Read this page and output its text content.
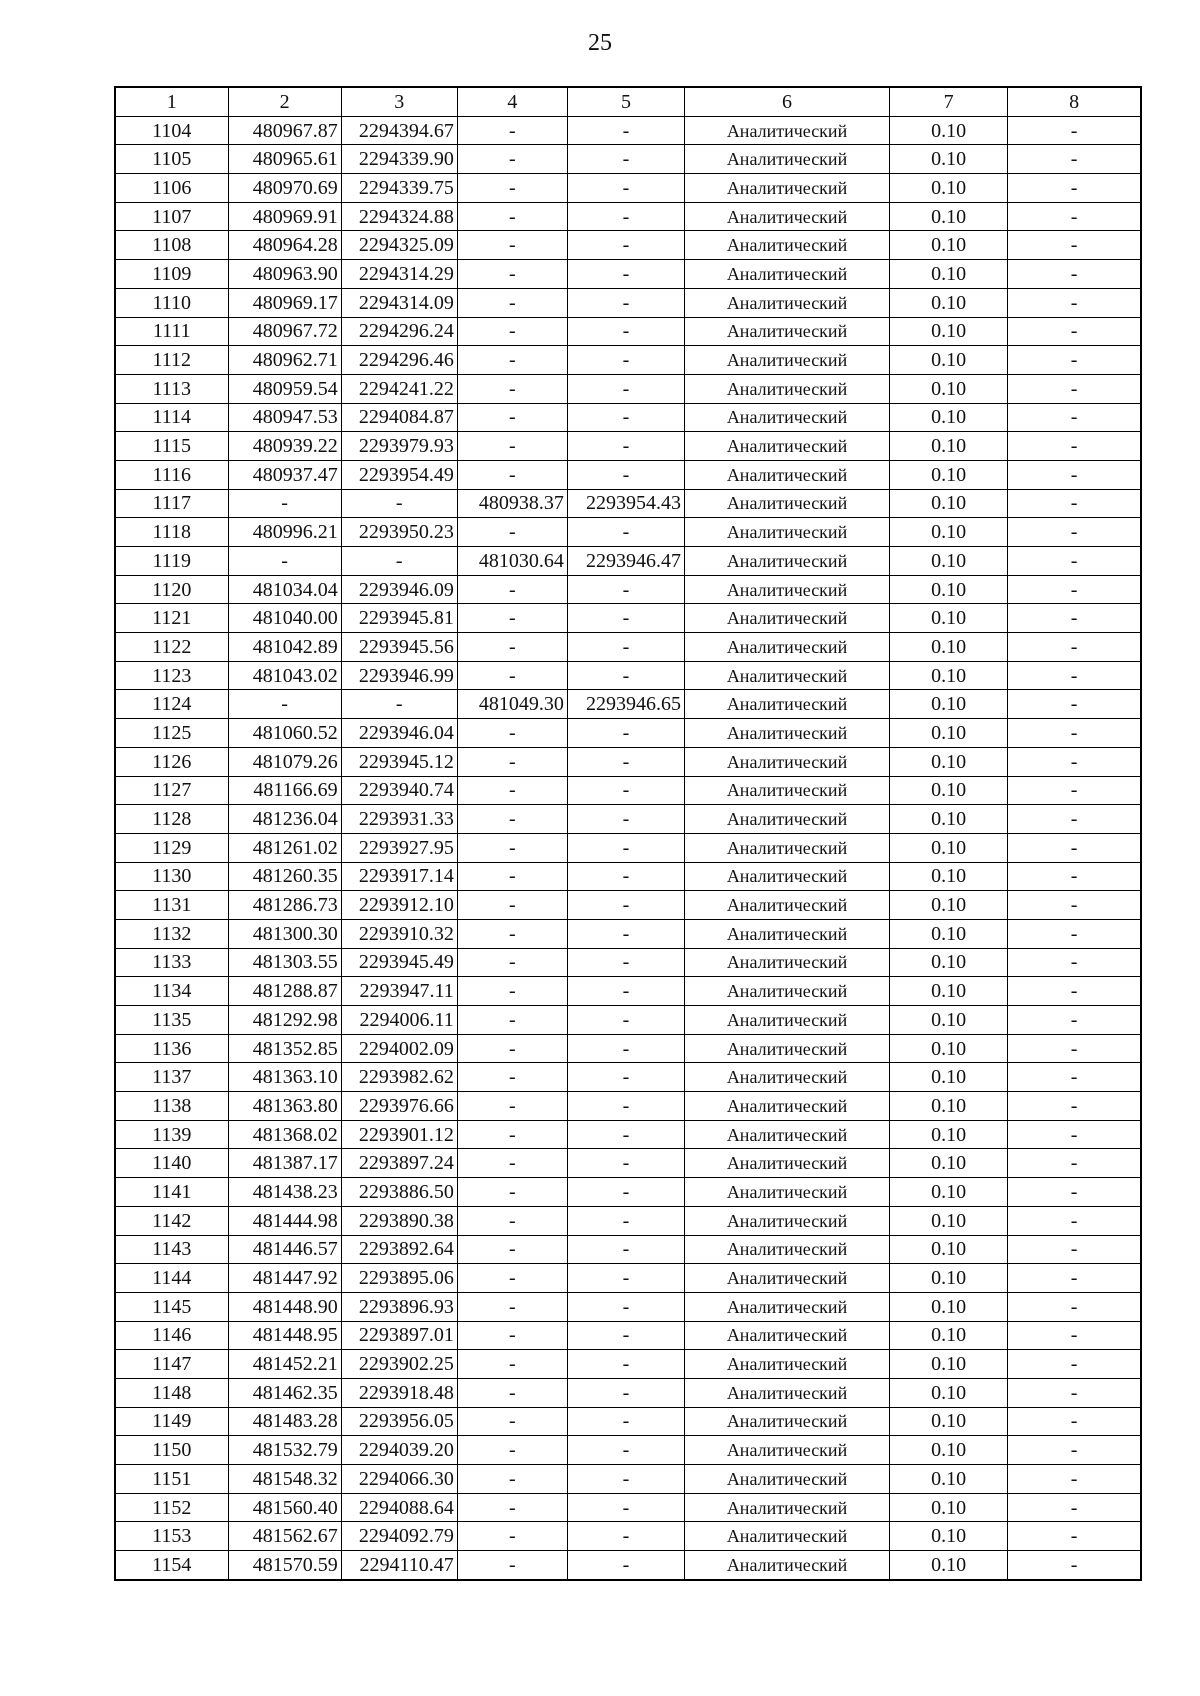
25
1	2	3	4	5	6	7	8
1104	480967.87	2294394.67	-	-	Аналитический	0.10	-
1105	480965.61	2294339.90	-	-	Аналитический	0.10	-
1106	480970.69	2294339.75	-	-	Аналитический	0.10	-
1107	480969.91	2294324.88	-	-	Аналитический	0.10	-
1108	480964.28	2294325.09	-	-	Аналитический	0.10	-
1109	480963.90	2294314.29	-	-	Аналитический	0.10	-
1110	480969.17	2294314.09	-	-	Аналитический	0.10	-
1111	480967.72	2294296.24	-	-	Аналитический	0.10	-
1112	480962.71	2294296.46	-	-	Аналитический	0.10	-
1113	480959.54	2294241.22	-	-	Аналитический	0.10	-
1114	480947.53	2294084.87	-	-	Аналитический	0.10	-
1115	480939.22	2293979.93	-	-	Аналитический	0.10	-
1116	480937.47	2293954.49	-	-	Аналитический	0.10	-
1117	-	-	480938.37	2293954.43	Аналитический	0.10	-
1118	480996.21	2293950.23	-	-	Аналитический	0.10	-
1119	-	-	481030.64	2293946.47	Аналитический	0.10	-
1120	481034.04	2293946.09	-	-	Аналитический	0.10	-
1121	481040.00	2293945.81	-	-	Аналитический	0.10	-
1122	481042.89	2293945.56	-	-	Аналитический	0.10	-
1123	481043.02	2293946.99	-	-	Аналитический	0.10	-
1124	-	-	481049.30	2293946.65	Аналитический	0.10	-
1125	481060.52	2293946.04	-	-	Аналитический	0.10	-
1126	481079.26	2293945.12	-	-	Аналитический	0.10	-
1127	481166.69	2293940.74	-	-	Аналитический	0.10	-
1128	481236.04	2293931.33	-	-	Аналитический	0.10	-
1129	481261.02	2293927.95	-	-	Аналитический	0.10	-
1130	481260.35	2293917.14	-	-	Аналитический	0.10	-
1131	481286.73	2293912.10	-	-	Аналитический	0.10	-
1132	481300.30	2293910.32	-	-	Аналитический	0.10	-
1133	481303.55	2293945.49	-	-	Аналитический	0.10	-
1134	481288.87	2293947.11	-	-	Аналитический	0.10	-
1135	481292.98	2294006.11	-	-	Аналитический	0.10	-
1136	481352.85	2294002.09	-	-	Аналитический	0.10	-
1137	481363.10	2293982.62	-	-	Аналитический	0.10	-
1138	481363.80	2293976.66	-	-	Аналитический	0.10	-
1139	481368.02	2293901.12	-	-	Аналитический	0.10	-
1140	481387.17	2293897.24	-	-	Аналитический	0.10	-
1141	481438.23	2293886.50	-	-	Аналитический	0.10	-
1142	481444.98	2293890.38	-	-	Аналитический	0.10	-
1143	481446.57	2293892.64	-	-	Аналитический	0.10	-
1144	481447.92	2293895.06	-	-	Аналитический	0.10	-
1145	481448.90	2293896.93	-	-	Аналитический	0.10	-
1146	481448.95	2293897.01	-	-	Аналитический	0.10	-
1147	481452.21	2293902.25	-	-	Аналитический	0.10	-
1148	481462.35	2293918.48	-	-	Аналитический	0.10	-
1149	481483.28	2293956.05	-	-	Аналитический	0.10	-
1150	481532.79	2294039.20	-	-	Аналитический	0.10	-
1151	481548.32	2294066.30	-	-	Аналитический	0.10	-
1152	481560.40	2294088.64	-	-	Аналитический	0.10	-
1153	481562.67	2294092.79	-	-	Аналитический	0.10	-
1154	481570.59	2294110.47	-	-	Аналитический	0.10	-
